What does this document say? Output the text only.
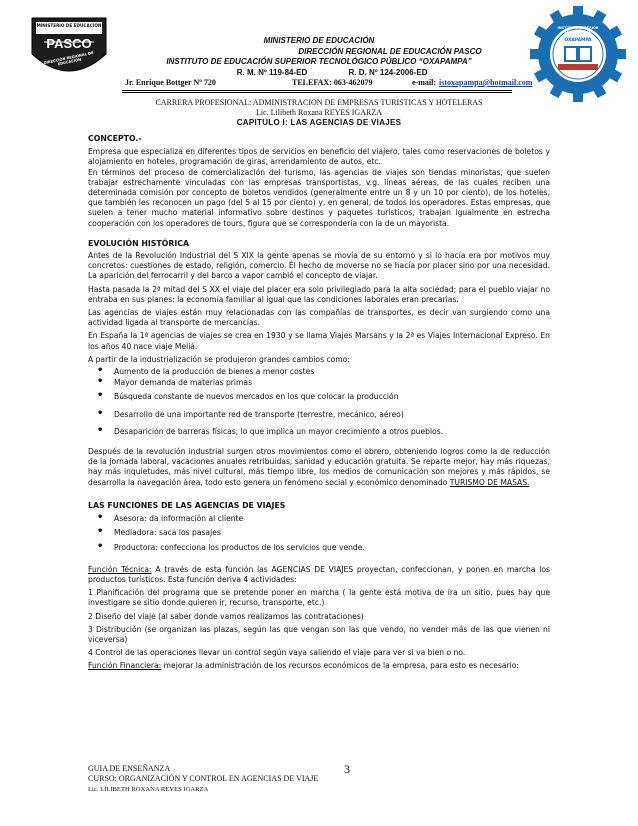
MINISTERIO DE EDUCACIÓN
PASCO
DIRECCIÓN REGIONAL DE EDUCACIÓN
INSTITUTO SUPERIOR TECNOLÓGICO
OXAPAMPA
MINISTERIO DE EDUCACIÓN
DIRECCIÓN REGIONAL DE EDUCACIÓN PASCO
INSTITUTO DE EDUCACIÓN SUPERIOR TECNOLÓGICO PÚBLICO “OXAPAMPA”
R. M. Nº 119-84-ED	R. D. Nº 124-2006-ED
Jr. Enrique Bottger Nº 720	TELEFAX: 063-462079	e-mail: istoxapampa@hotmail.com
CARRERA PROFESIONAL: ADMINISTRACION DE EMPRESAS TURISTICAS Y HOTELERAS
Lic. Lilibeth Roxana REYES IGARZA
CAPITULO I: LAS AGENCIAS DE VIAJES

CONCEPTO.-

Empresa que especializa en diferentes tipos de servicios en beneficio del viajero, tales como reservaciones de boletos y alojamiento en hoteles, programación de giras, arrendamiento de autos, etc.

En términos del proceso de comercialización del turismo, las agencias de viajes son tiendas minoristas, que suelen trabajar estrechamente vinculadas con las empresas transportistas, v.g. líneas aéreas, de las cuales reciben una determinada comisión por concepto de boletos vendidos (generalmente entre un 8 y un 10 por ciento), de los hoteles, que también les reconocen un pago (del 5 al 15 por ciento) y, en general, de todos los operadores. Estas empresas, que suelen a tener mucho material informativo sobre destinos y paquetes turísticos, trabajan igualmente en estrecha cooperación con los operadores de tours, figura que se correspondería con la de un mayorista.

EVOLUCIÓN HISTÓRICA

Antes de la Revolución Industrial del S XIX la gente apenas se movía de su entorno y si lo hacía era por motivos muy concretos: cuestiones de estado, religión, comercio. Él hecho de moverse no se hacía por placer sino por una necesidad. La aparición del ferrocarril y del barco a vapor cambió el concepto de viajar.

Hasta pasada la 2ª mitad del S XX el viaje del placer era solo privilegiado para la alta sociedad; para el pueblo viajar no entraba en sus planes: la economía familiar al igual que las condiciones laborales eran precarias.

Las agencias de viajes están muy relacionadas con las compañías de transportes, es decir van surgiendo como una actividad ligada al transporte de mercancías.

En España la 1ª agencias de viajes se crea en 1930 y se llama Viajes Marsans y la 2ª es Viajes Internacional Expreso. En los años 40 nace viaje Meliá.

A partir de la industrialización se produjeron grandes cambios como:

• Aumento de la producción de bienes a menor costes
• Mayor demanda de materias primas
• Búsqueda constante de nuevos mercados en los que colocar la producción
• Desarrollo de una importante red de transporte (terrestre, mecánico, aéreo)
• Desaparición de barreras físicas, lo que implica un mayor crecimiento a otros pueblos.

Después de la revolución industrial surgen otros movimientos como el obrero, obteniendo logros como la de reducción de la jornada laboral, vacaciones anuales retribuidas, sanidad y educación gratuita. Se reparte mejor, hay más riquezas, hay más inquietudes, más nivel cultural, más tiempo libre, los medios de comunicación son mejores y más rápidos, se desarrolla la navegación área, todo esto genera un fenómeno social y económico denominado TURISMO DE MASAS.

LAS FUNCIONES DE LAS AGENCIAS DE VIAJES

• Asesora: da información al cliente
• Mediadora: saca los pasajes
• Productora: confecciona los productos de los servicios que vende.

Función Técnica: A través de esta función las AGENCIAS DE VIAJES proyectan, confeccionan, y ponen en marcha los productos turísticos. Esta función deriva 4 actividades:

1 Planificación del programa que se pretende poner en marcha ( la gente está motiva de ira un sitio, pues hay que investigare se sitio donde quieren ir, recurso, transporte, etc.)

2 Diseño del viaje (al saber donde vamos realizamos las contrataciones)

3 Distribución (se organizan las plazas, según las que vengan son las que vendo, no vender más de las que vienen ni viceversa)

4 Control de las operaciones llevar un control según vaya saliendo el viaje para ver si va bien o no.

Función Financiera: mejorar la administración de los recursos económicos de la empresa, para esto es necesario:

GUIA DE ENSEÑANZA
CURSO: ORGANIZACIÓN Y CONTROL EN AGENCIAS DE VIAJE
Lic. LILIBETH ROXANA REYES IGARZA
3
